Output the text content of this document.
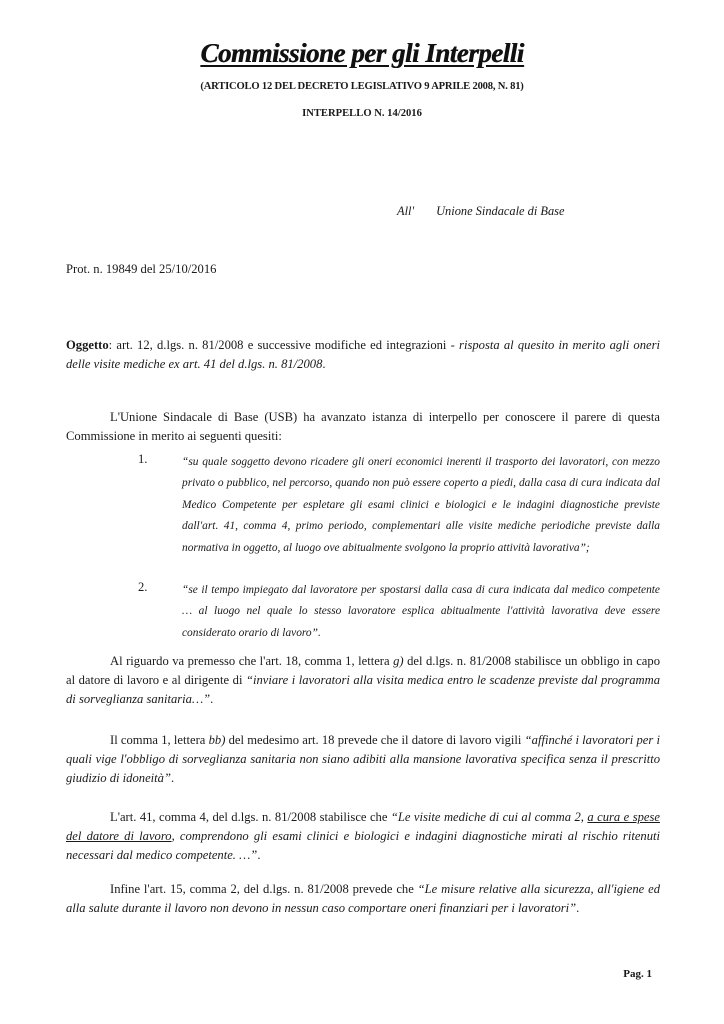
Commissione per gli Interpelli
(ARTICOLO 12 DEL DECRETO LEGISLATIVO 9 APRILE 2008, N. 81)
INTERPELLO N. 14/2016
All' Unione Sindacale di Base
Prot. n. 19849 del 25/10/2016
Oggetto: art. 12, d.lgs. n. 81/2008 e successive modifiche ed integrazioni - risposta al quesito in merito agli oneri delle visite mediche ex art. 41 del d.lgs. n. 81/2008.
L'Unione Sindacale di Base (USB) ha avanzato istanza di interpello per conoscere il parere di questa Commissione in merito ai seguenti quesiti:
1.	“su quale soggetto devono ricadere gli oneri economici inerenti il trasporto dei lavoratori, con mezzo privato o pubblico, nel percorso, quando non può essere coperto a piedi, dalla casa di cura indicata dal Medico Competente per espletare gli esami clinici e biologici e le indagini diagnostiche previste dall'art. 41, comma 4, primo periodo, complementari alle visite mediche periodiche previste dalla normativa in oggetto, al luogo ove abitualmente svolgono la proprio attività lavorativa”;
2.	“se il tempo impiegato dal lavoratore per spostarsi dalla casa di cura indicata dal medico competente … al luogo nel quale lo stesso lavoratore esplica abitualmente l'attività lavorativa deve essere considerato orario di lavoro”.
Al riguardo va premesso che l'art. 18, comma 1, lettera g) del d.lgs. n. 81/2008 stabilisce un obbligo in capo al datore di lavoro e al dirigente di “inviare i lavoratori alla visita medica entro le scadenze previste dal programma di sorveglianza sanitaria…”.
Il comma 1, lettera bb) del medesimo art. 18 prevede che il datore di lavoro vigili “affinché i lavoratori per i quali vige l'obbligo di sorveglianza sanitaria non siano adibiti alla mansione lavorativa specifica senza il prescritto giudizio di idoneità”.
L'art. 41, comma 4, del d.lgs. n. 81/2008 stabilisce che “Le visite mediche di cui al comma 2, a cura e spese del datore di lavoro, comprendono gli esami clinici e biologici e indagini diagnostiche mirati al rischio ritenuti necessari dal medico competente. …”.
Infine l'art. 15, comma 2, del d.lgs. n. 81/2008 prevede che “Le misure relative alla sicurezza, all'igiene ed alla salute durante il lavoro non devono in nessun caso comportare oneri finanziari per i lavoratori”.
Pag. 1
